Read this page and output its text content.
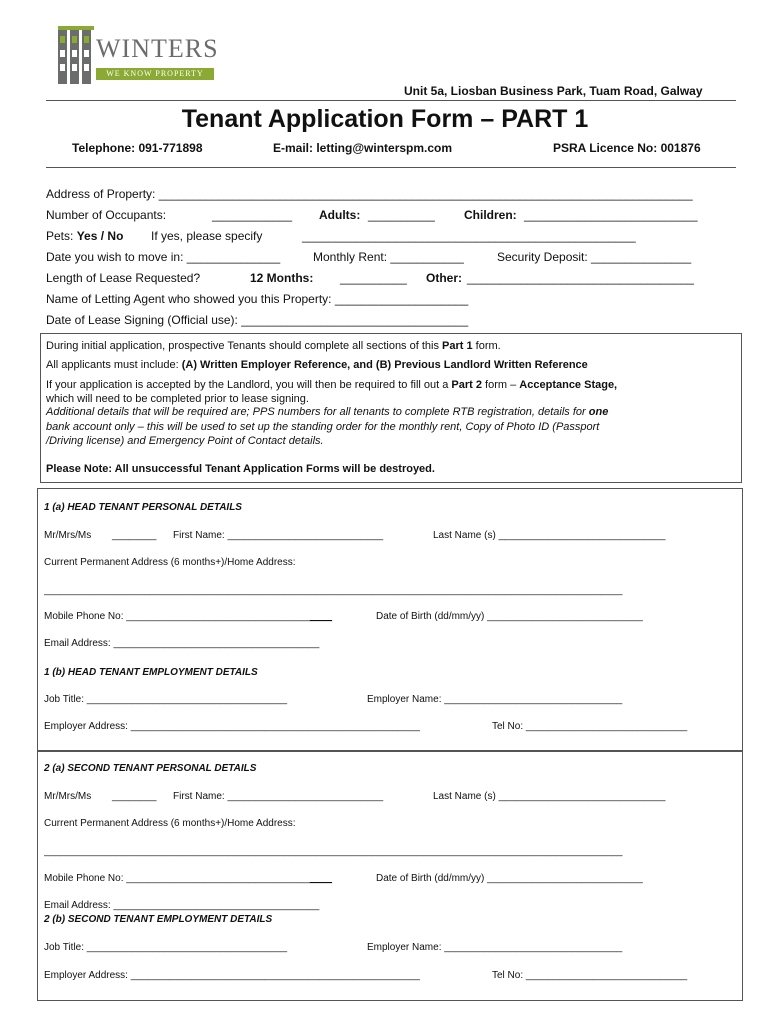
WINTERS
WE KNOW PROPERTY
Unit 5a, Liosban Business Park, Tuam Road, Galway
Tenant Application Form – PART 1
Telephone: 091-771898	E-mail: letting@winterspm.com	PSRA Licence No: 001876
Address of Property: ________________________________________________________________________________
Number of Occupants:	____________ Adults: __________ Children: __________________________
Pets: Yes / No If yes, please specify	__________________________________________________
Date you wish to move in: ______________	Monthly Rent: ___________	Security Deposit: _______________
Length of Lease Requested?	12 Months: __________ Other: __________________________________
Name of Letting Agent who showed you this Property: ____________________
Date of Lease Signing (Official use): __________________________________
During initial application, prospective Tenants should complete all sections of this Part 1 form.
All applicants must include: (A) Written Employer Reference, and (B) Previous Landlord Written Reference
If your application is accepted by the Landlord, you will then be required to fill out a Part 2 form – Acceptance Stage,
which will need to be completed prior to lease signing.
Additional details that will be required are; PPS numbers for all tenants to complete RTB registration, details for one
bank account only – this will be used to set up the standing order for the monthly rent, Copy of Photo ID (Passport
/Driving license) and Emergency Point of Contact details.
Please Note: All unsuccessful Tenant Application Forms will be destroyed.
1 (a) HEAD TENANT PERSONAL DETAILS
Mr/Mrs/Ms ________ First Name: ____________________________	Last Name (s) ______________________________
Current Permanent Address (6 months+)/Home Address:
________________________________________________________________________________________________________
Mobile Phone No: _____________________________________	Date of Birth (dd/mm/yy) ____________________________
Email Address: _____________________________________
1 (b) HEAD TENANT EMPLOYMENT DETAILS
Job Title: ____________________________________	Employer Name: ________________________________
Employer Address: ____________________________________________________	Tel No: _____________________________
2 (a) SECOND TENANT PERSONAL DETAILS
Mr/Mrs/Ms ________ First Name: ____________________________	Last Name (s) ______________________________
Current Permanent Address (6 months+)/Home Address:
________________________________________________________________________________________________________
Mobile Phone No: _____________________________________	Date of Birth (dd/mm/yy) ____________________________
Email Address: _____________________________________
2 (b) SECOND TENANT EMPLOYMENT DETAILS
Job Title: ____________________________________	Employer Name: ________________________________
Employer Address: ____________________________________________________	Tel No: _____________________________
